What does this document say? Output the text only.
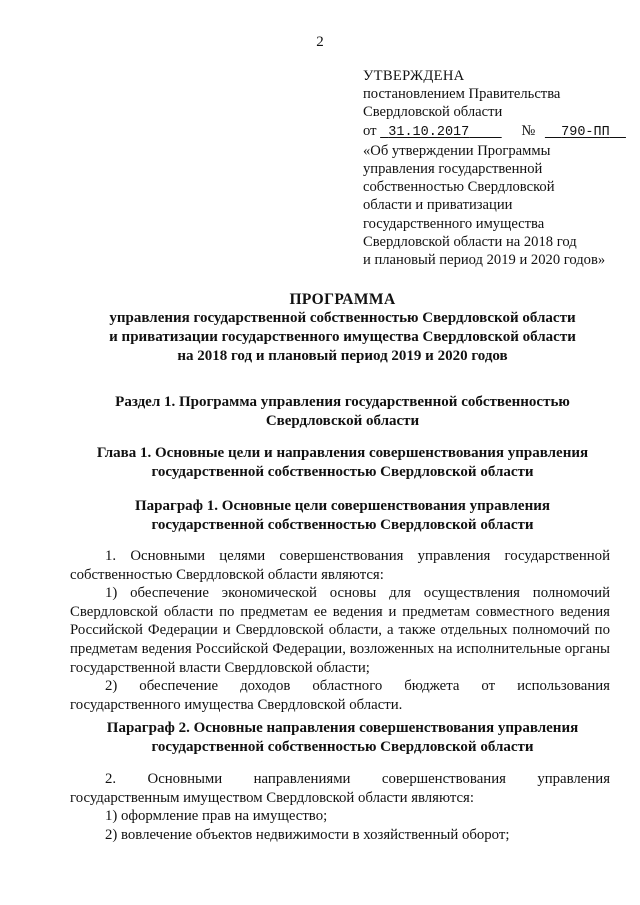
2
УТВЕРЖДЕНА
постановлением Правительства
Свердловской области
от 31.10.2017	№ 790-ПП
«Об утверждении Программы
управления государственной
собственностью Свердловской
области и приватизации
государственного имущества
Свердловской области на 2018 год
и плановый период 2019 и 2020 годов»
ПРОГРАММА
управления государственной собственностью Свердловской области
и приватизации государственного имущества Свердловской области
на 2018 год и плановый период 2019 и 2020 годов
Раздел 1. Программа управления государственной собственностью
Свердловской области
Глава 1. Основные цели и направления совершенствования управления
государственной собственностью Свердловской области
Параграф 1. Основные цели совершенствования управления
государственной собственностью Свердловской области
1. Основными целями совершенствования управления государственной собственностью Свердловской области являются:
1) обеспечение экономической основы для осуществления полномочий Свердловской области по предметам ее ведения и предметам совместного ведения Российской Федерации и Свердловской области, а также отдельных полномочий по предметам ведения Российской Федерации, возложенных на исполнительные органы государственной власти Свердловской области;
2) обеспечение доходов областного бюджета от использования государственного имущества Свердловской области.
Параграф 2. Основные направления совершенствования управления
государственной собственностью Свердловской области
2. Основными направлениями совершенствования управления государственным имуществом Свердловской области являются:
1) оформление прав на имущество;
2) вовлечение объектов недвижимости в хозяйственный оборот;
